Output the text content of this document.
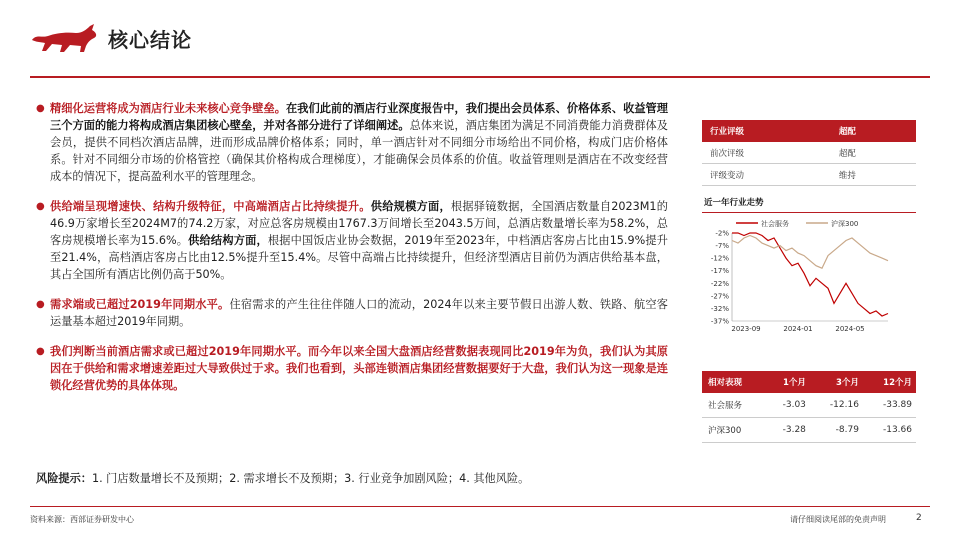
核心结论
● 精细化运营将成为酒店行业未来核心竞争壁垒。在我们此前的酒店行业深度报告中，我们提出会员体系、价格体系、收益管理三个方面的能力将构成酒店集团核心壁垒，并对各部分进行了详细阐述。总体来说，酒店集团为满足不同消费能力消费群体及会员，提供不同档次酒店品牌，进而形成品牌价格体系；同时，单一酒店针对不同细分市场给出不同价格，构成门店价格体系。针对不同细分市场的价格管控（确保其价格构成合理梯度），才能确保会员体系的价值。收益管理则是酒店在不改变经营成本的情况下，提高盈利水平的管理理念。
● 供给端呈现增速快、结构升级特征，中高端酒店占比持续提升。供给规模方面，根据驿镜数据，全国酒店数量自2023M1的46.9万家增长至2024M7的74.2万家，对应总客房规模由1767.3万间增长至2043.5万间，总酒店数量增长率为58.2%，总客房规模增长率为15.6%。供给结构方面，根据中国饭店业协会数据，2019年至2023年，中档酒店客房占比由15.9%提升至21.4%，高档酒店客房占比由12.5%提升至15.4%。尽管中高端占比持续提升，但经济型酒店目前仍为酒店供给基本盘，其占全国所有酒店比例仍高于50%。
● 需求端或已超过2019年同期水平。住宿需求的产生往往伴随人口的流动，2024年以来主要节假日出游人数、铁路、航空客运量基本超过2019年同期。
● 我们判断当前酒店需求或已超过2019年同期水平。而今年以来全国大盘酒店经营数据表现同比2019年为负，我们认为其原因在于供给和需求增速差距过大导致供过于求。我们也看到，头部连锁酒店集团经营数据要好于大盘，我们认为这一现象是连锁化经营优势的具体体现。
风险提示：1. 门店数量增长不及预期；2. 需求增长不及预期；3. 行业竞争加剧风险；4. 其他风险。
行业评级	超配
前次评级	超配
评级变动	维持
近一年行业走势
社会服务	沪深300
-2%
-7%
-12%
-17%
-22%
-27%
-32%
-37%
2023-09	2024-01	2024-05
相对表现	1个月	3个月	12个月
社会服务	-3.03	-12.16	-33.89
沪深300	-3.28	-8.79	-13.66
资料来源：西部证券研发中心	请仔细阅读尾部的免责声明	2
